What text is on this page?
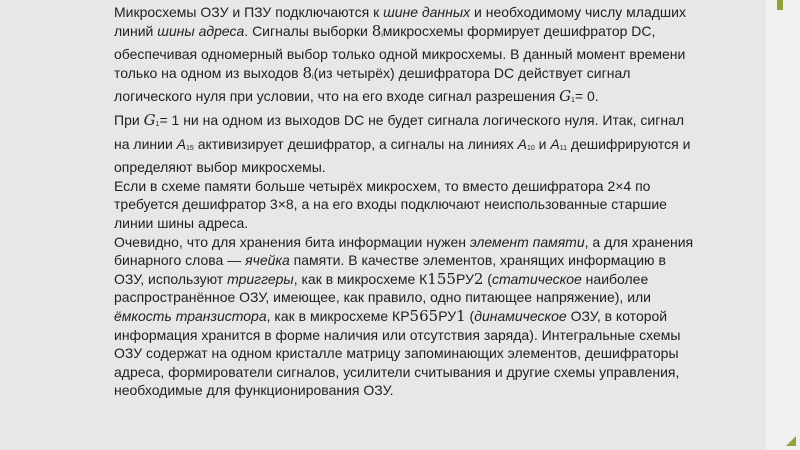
Микросхемы ОЗУ и ПЗУ подключаются к шине данных и необходимому числу младших линий шины адреса. Сигналы выборки 8iмикросхемы формирует дешифратор DC, обеспечивая одномерный выбор только одной микросхемы. В данный момент времени только на одном из выходов 8i(из четырёх) дешифратора DC действует сигнал логического нуля при условии, что на его входе сигнал разрешения G1= 0.

При G1= 1 ни на одном из выходов DC не будет сигнала логического нуля. Итак, сигнал на линии A15 активизирует дешифратор, а сигналы на линиях A10 и A11 дешифрируются и определяют выбор микросхемы.

Если в схеме памяти больше четырёх микросхем, то вместо дешифратора 2×4 по требуется дешифратор 3×8, а на его входы подключают неиспользованные старшие линии шины адреса.

Очевидно, что для хранения бита информации нужен элемент памяти, а для хранения бинарного слова — ячейка памяти. В качестве элементов, хранящих информацию в ОЗУ, используют триггеры, как в микросхеме К155РУ2 (статическое наиболее распространённое ОЗУ, имеющее, как правило, одно питающее напряжение), или ёмкость транзистора, как в микросхеме КР565РУ1 (динамическое ОЗУ, в которой информация хранится в форме наличия или отсутствия заряда). Интегральные схемы ОЗУ содержат на одном кристалле матрицу запоминающих элементов, дешифраторы адреса, формирователи сигналов, усилители считывания и другие схемы управления, необходимые для функционирования ОЗУ.
